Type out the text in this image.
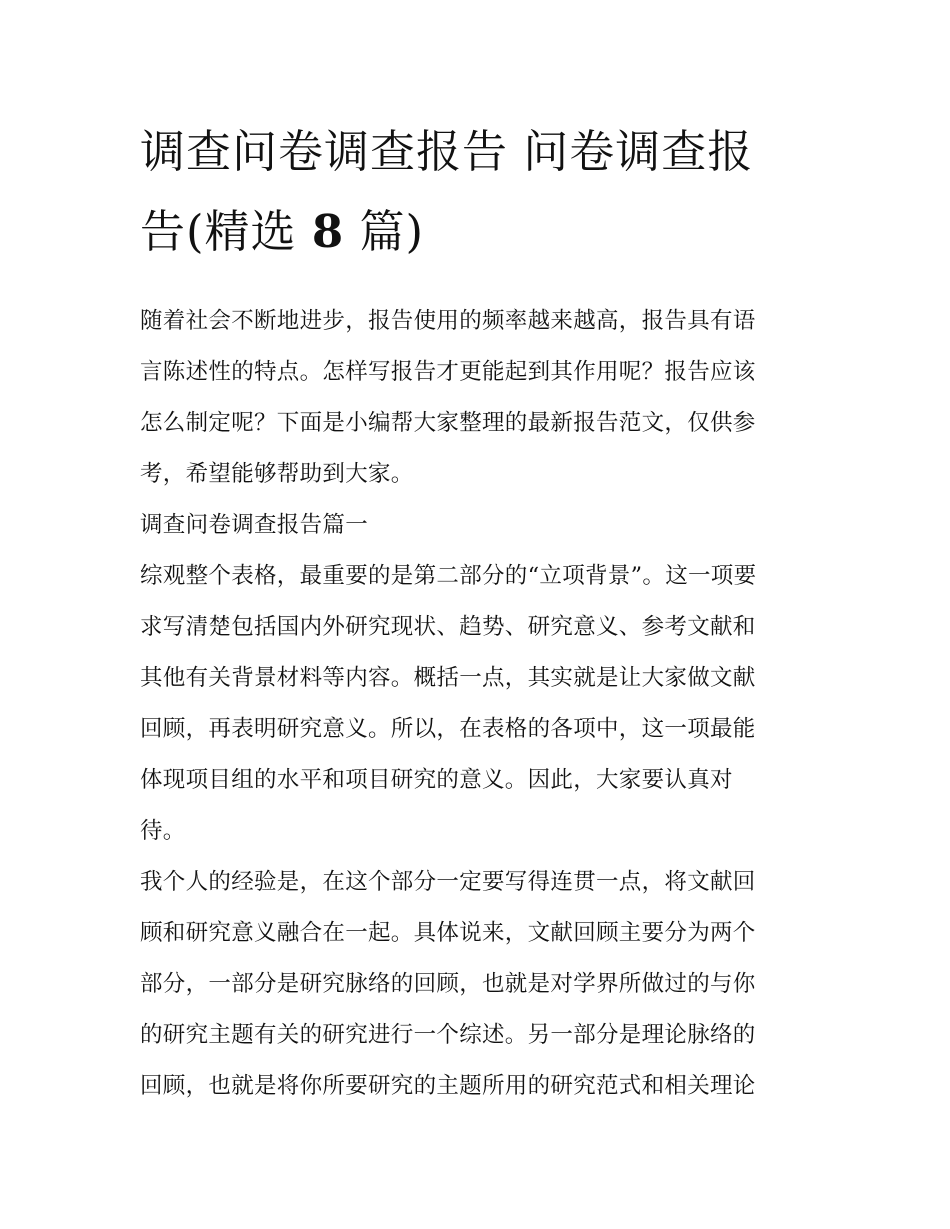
调查问卷调查报告 问卷调查报
告(精选 8 篇)

随着社会不断地进步，报告使用的频率越来越高，报告具有语
言陈述性的特点。怎样写报告才更能起到其作用呢？报告应该
怎么制定呢？下面是小编帮大家整理的最新报告范文，仅供参
考，希望能够帮助到大家。

调查问卷调查报告篇一

综观整个表格，最重要的是第二部分的“立项背景”。这一项要
求写清楚包括国内外研究现状、趋势、研究意义、参考文献和
其他有关背景材料等内容。概括一点，其实就是让大家做文献
回顾，再表明研究意义。所以，在表格的各项中，这一项最能
体现项目组的水平和项目研究的意义。因此，大家要认真对
待。

我个人的经验是，在这个部分一定要写得连贯一点，将文献回
顾和研究意义融合在一起。具体说来，文献回顾主要分为两个
部分，一部分是研究脉络的回顾，也就是对学界所做过的与你
的研究主题有关的研究进行一个综述。另一部分是理论脉络的
回顾，也就是将你所要研究的主题所用的研究范式和相关理论
